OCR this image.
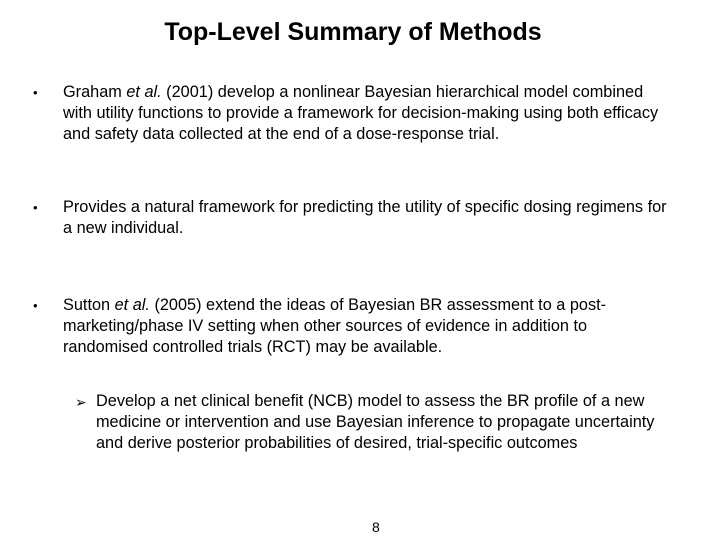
Top-Level Summary of Methods
• Graham et al. (2001) develop a nonlinear Bayesian hierarchical model combined with utility functions to provide a framework for decision-making using both efficacy and safety data collected at the end of a dose-response trial.
• Provides a natural framework for predicting the utility of specific dosing regimens for a new individual.
• Sutton et al. (2005) extend the ideas of Bayesian BR assessment to a post-marketing/phase IV setting when other sources of evidence in addition to randomised controlled trials (RCT) may be available.
➢ Develop a net clinical benefit (NCB) model to assess the BR profile of a new medicine or intervention and use Bayesian inference to propagate uncertainty and derive posterior probabilities of desired, trial-specific outcomes
8
